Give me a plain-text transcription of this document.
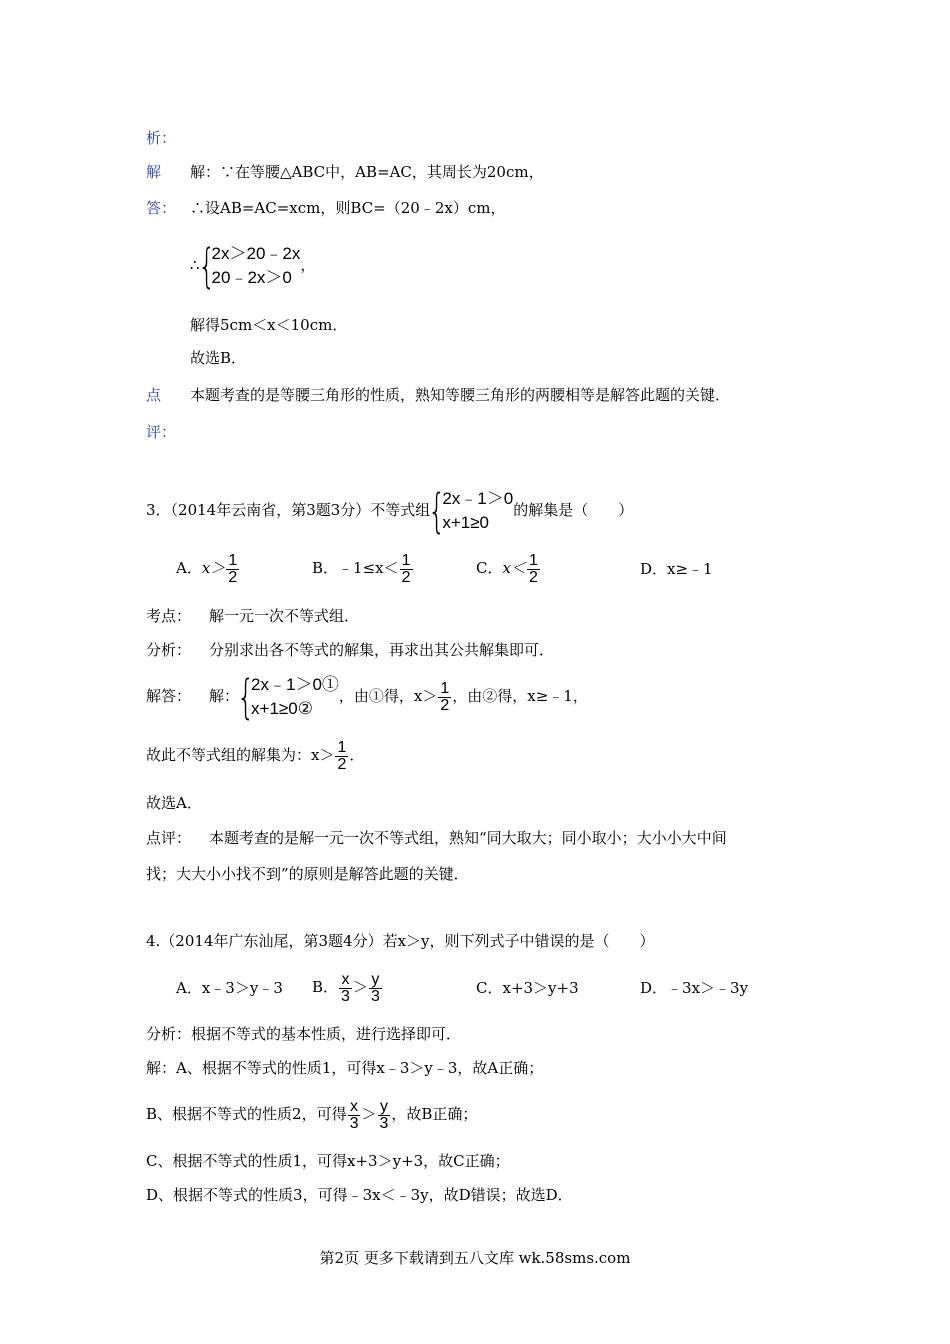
析：
解 解：∵在等腰△ABC中，AB=AC，其周长为20cm，
答： ∴设AB=AC=xcm，则BC=（20﹣2x）cm，
∴
{
2x＞20﹣2x
20﹣2x＞0
，
解得5cm＜x＜10cm．
故选B．
点 本题考查的是等腰三角形的性质，熟知等腰三角形的两腰相等是解答此题的关键．
评：
3．（2014年云南省，第3题3分）不等式组
{
2x﹣1＞0
x+1≥0
的解集是（　　）
A．$x> \frac{1}{2}$	B．﹣1≤x＜ $\frac{1}{2}$	C．$x< \frac{1}{2}$	D．x≥﹣1
考点： 解一元一次不等式组．
分析： 分别求出各不等式的解集，再求出其公共解集即可．
解答： 解：
{
2x﹣1＞0①
x+1≥0②
，由①得，$x> \frac{1}{2}$ ，由②得，x≥﹣1，
故此不等式组的解集为：$x> \frac{1}{2}$ ．
故选A．
点评： 本题考查的是解一元一次不等式组，熟知“同大取大；同小取小；大小小大中间
找；大大小小找不到”的原则是解答此题的关键．
4.（2014年广东汕尾，第3题4分）若x＞y，则下列式子中错误的是（　　）
A．x﹣3＞y﹣3 B． $\frac{x}{3} > \frac{y}{3}$	C．x+3＞y+3	D．﹣3x＞﹣3y
分析：根据不等式的基本性质，进行选择即可．
解：A、根据不等式的性质1，可得x﹣3＞y﹣3，故A正确；
B、根据不等式的性质2，可得 $\frac{x}{3} > \frac{y}{3}$ ，故B正确；
C、根据不等式的性质1，可得x+3＞y+3，故C正确；
D、根据不等式的性质3，可得﹣3x＜﹣3y，故D错误；故选D．
第2页 更多下载请到五八文库 wk.58sms.com
